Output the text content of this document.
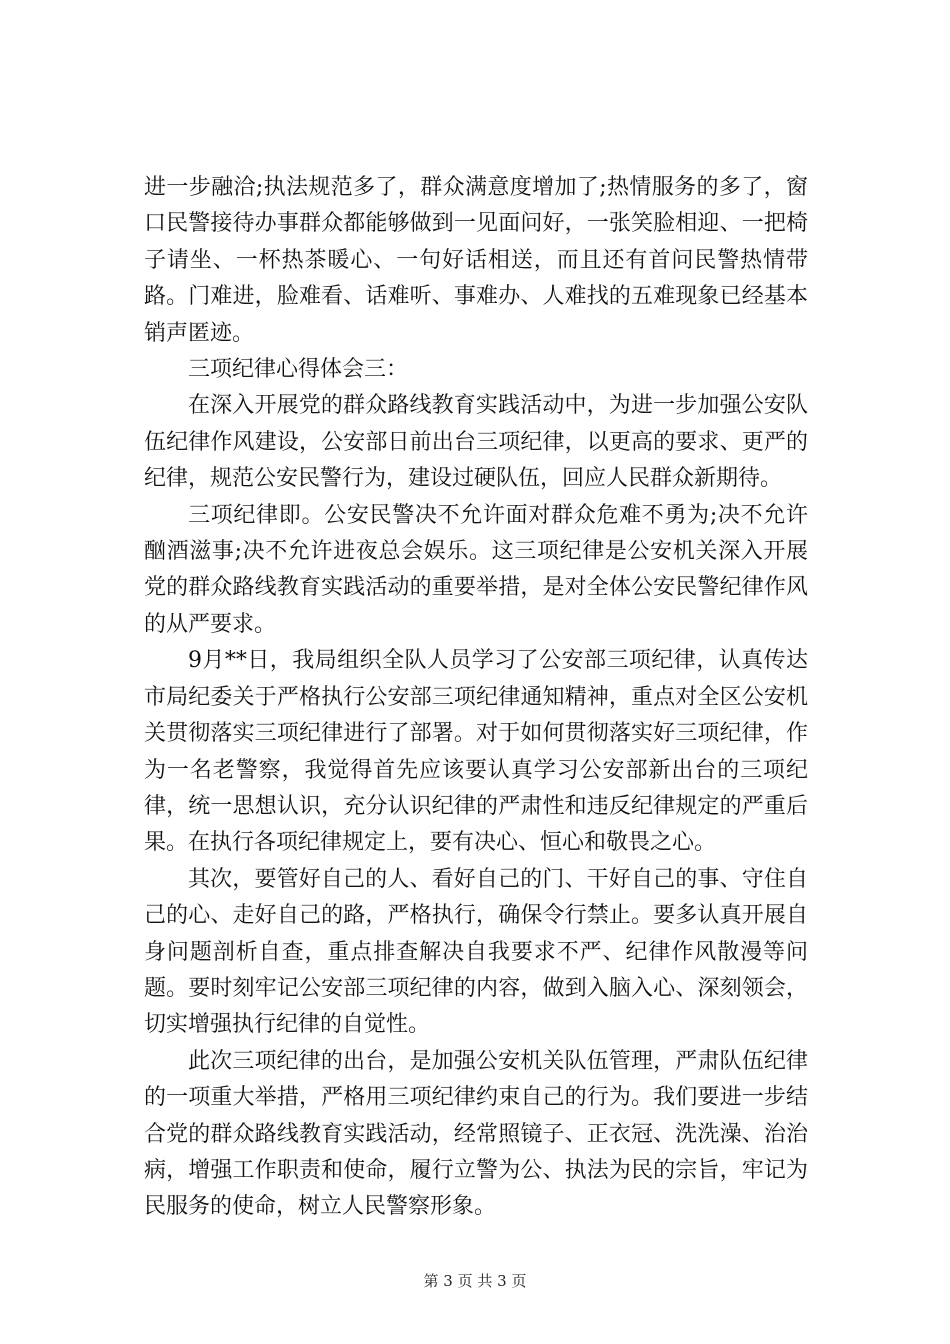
进一步融洽;执法规范多了，群众满意度增加了;热情服务的多了，窗口民警接待办事群众都能够做到一见面问好，一张笑脸相迎、一把椅子请坐、一杯热茶暖心、一句好话相送，而且还有首问民警热情带路。门难进，脸难看、话难听、事难办、人难找的五难现象已经基本销声匿迹。

三项纪律心得体会三：

在深入开展党的群众路线教育实践活动中，为进一步加强公安队伍纪律作风建设，公安部日前出台三项纪律，以更高的要求、更严的纪律，规范公安民警行为，建设过硬队伍，回应人民群众新期待。

三项纪律即。公安民警决不允许面对群众危难不勇为;决不允许酗酒滋事;决不允许进夜总会娱乐。这三项纪律是公安机关深入开展党的群众路线教育实践活动的重要举措，是对全体公安民警纪律作风的从严要求。

9月**日，我局组织全队人员学习了公安部三项纪律，认真传达市局纪委关于严格执行公安部三项纪律通知精神，重点对全区公安机关贯彻落实三项纪律进行了部署。对于如何贯彻落实好三项纪律，作为一名老警察，我觉得首先应该要认真学习公安部新出台的三项纪律，统一思想认识，充分认识纪律的严肃性和违反纪律规定的严重后果。在执行各项纪律规定上，要有决心、恒心和敬畏之心。

其次，要管好自己的人、看好自己的门、干好自己的事、守住自己的心、走好自己的路，严格执行，确保令行禁止。要多认真开展自身问题剖析自查，重点排查解决自我要求不严、纪律作风散漫等问题。要时刻牢记公安部三项纪律的内容，做到入脑入心、深刻领会，切实增强执行纪律的自觉性。

此次三项纪律的出台，是加强公安机关队伍管理，严肃队伍纪律的一项重大举措，严格用三项纪律约束自己的行为。我们要进一步结合党的群众路线教育实践活动，经常照镜子、正衣冠、洗洗澡、治治病，增强工作职责和使命，履行立警为公、执法为民的宗旨，牢记为民服务的使命，树立人民警察形象。

第 3 页 共 3 页
